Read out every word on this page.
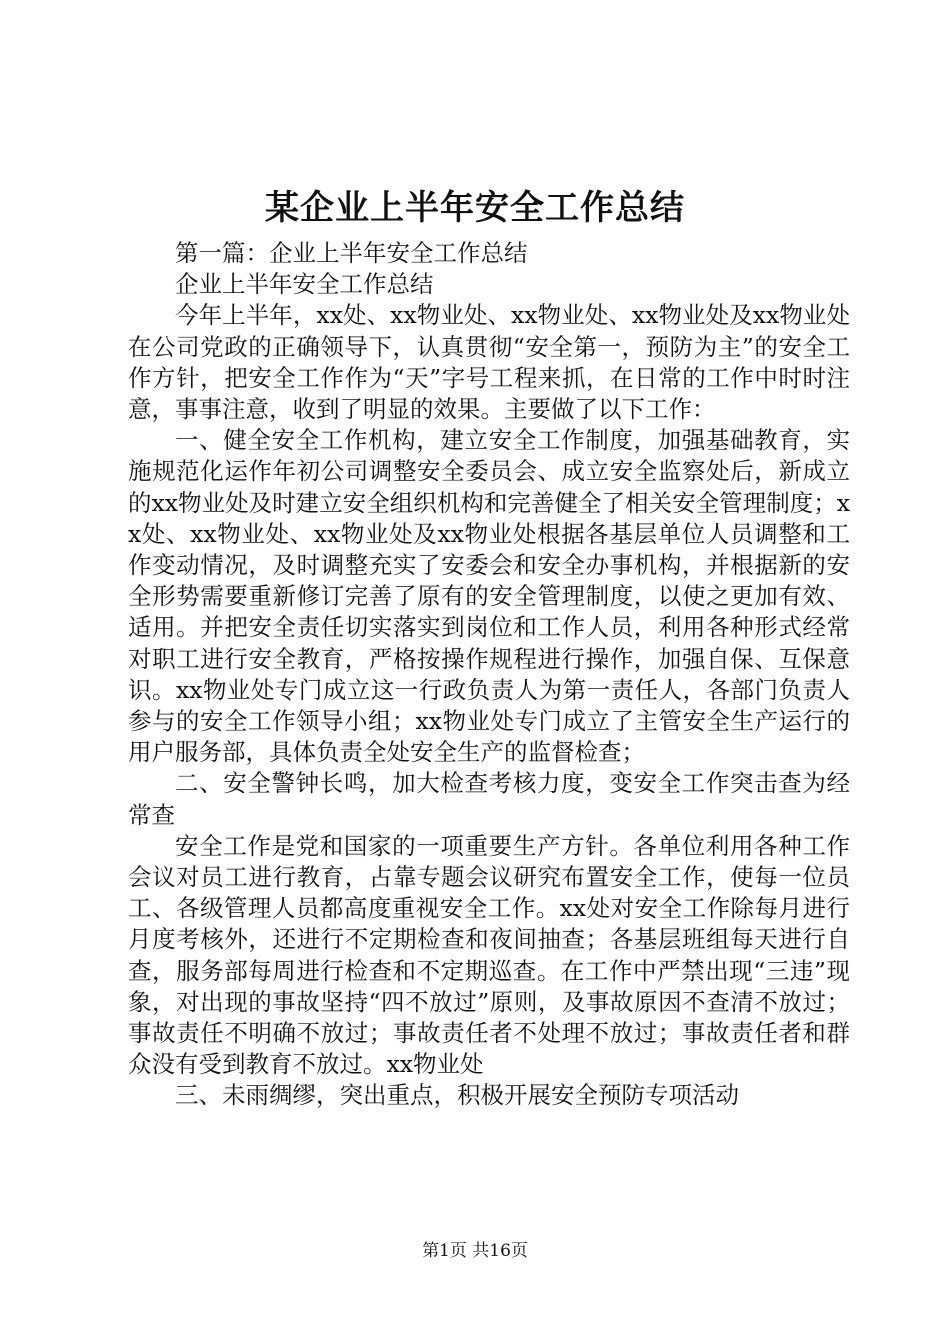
某企业上半年安全工作总结

第一篇：企业上半年安全工作总结

企业上半年安全工作总结

今年上半年，xx处、xx物业处、xx物业处、xx物业处及xx物业处在公司党政的正确领导下，认真贯彻“安全第一，预防为主”的安全工作方针，把安全工作作为“天”字号工程来抓，在日常的工作中时时注意，事事注意，收到了明显的效果。主要做了以下工作：

一、健全安全工作机构，建立安全工作制度，加强基础教育，实施规范化运作年初公司调整安全委员会、成立安全监察处后，新成立的xx物业处及时建立安全组织机构和完善健全了相关安全管理制度；xx处、xx物业处、xx物业处及xx物业处根据各基层单位人员调整和工作变动情况，及时调整充实了安委会和安全办事机构，并根据新的安全形势需要重新修订完善了原有的安全管理制度，以使之更加有效、适用。并把安全责任切实落实到岗位和工作人员，利用各种形式经常对职工进行安全教育，严格按操作规程进行操作，加强自保、互保意识。xx物业处专门成立这一行政负责人为第一责任人，各部门负责人参与的安全工作领导小组；xx物业处专门成立了主管安全生产运行的用户服务部，具体负责全处安全生产的监督检查；

二、安全警钟长鸣，加大检查考核力度，变安全工作突击查为经常查

安全工作是党和国家的一项重要生产方针。各单位利用各种工作会议对员工进行教育，占靠专题会议研究布置安全工作，使每一位员工、各级管理人员都高度重视安全工作。xx处对安全工作除每月进行月度考核外，还进行不定期检查和夜间抽查；各基层班组每天进行自查，服务部每周进行检查和不定期巡查。在工作中严禁出现“三违”现象，对出现的事故坚持“四不放过”原则，及事故原因不查清不放过；事故责任不明确不放过；事故责任者不处理不放过；事故责任者和群众没有受到教育不放过。xx物业处

三、未雨绸缪，突出重点，积极开展安全预防专项活动

第1页 共16页
